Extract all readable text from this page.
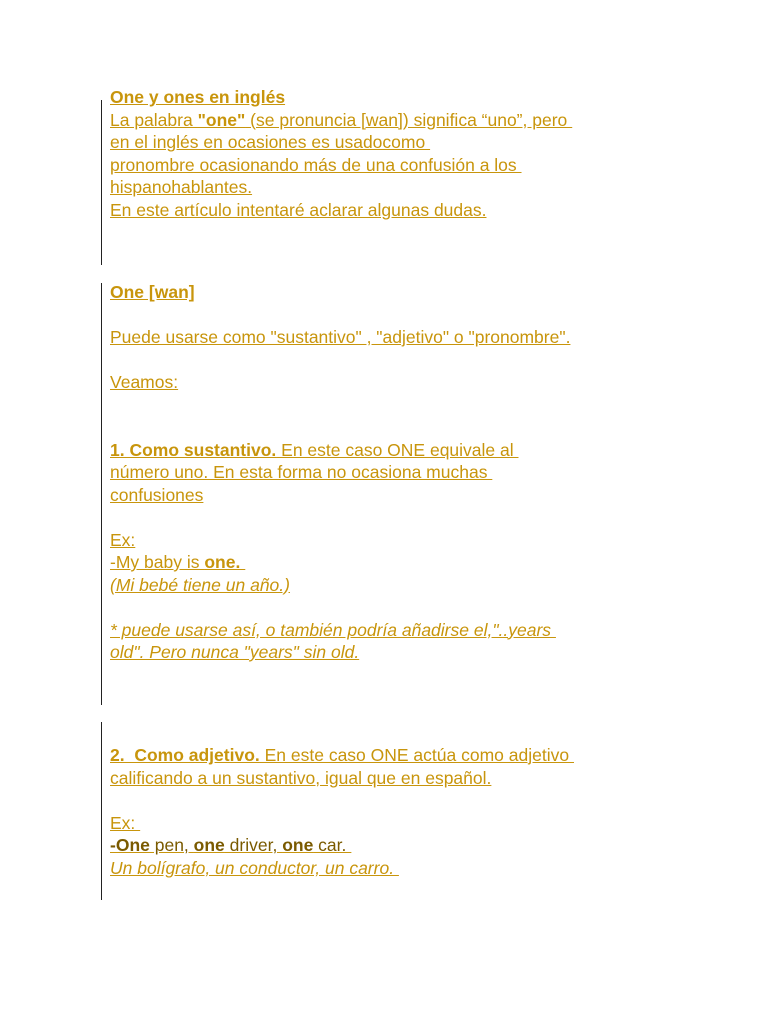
One y ones en inglés
La palabra "one" (se pronuncia [wan]) significa “uno”, pero
en el inglés en ocasiones es usadocomo
pronombre ocasionando más de una confusión a los
hispanohablantes.
En este artículo intentaré aclarar algunas dudas.
One [wan]
Puede usarse como "sustantivo" , "adjetivo" o "pronombre".
Veamos:
1. Como sustantivo. En este caso ONE equivale al
número uno. En esta forma no ocasiona muchas
confusiones
Ex:
-My baby is one.
(Mi bebé tiene un año.)
* puede usarse así, o también podría añadirse el,"..years
old". Pero nunca "years" sin old.
2.  Como adjetivo. En este caso ONE actúa como adjetivo
calificando a un sustantivo, igual que en español.
Ex:
-One pen, one driver, one car.
Un bolígrafo, un conductor, un carro.
